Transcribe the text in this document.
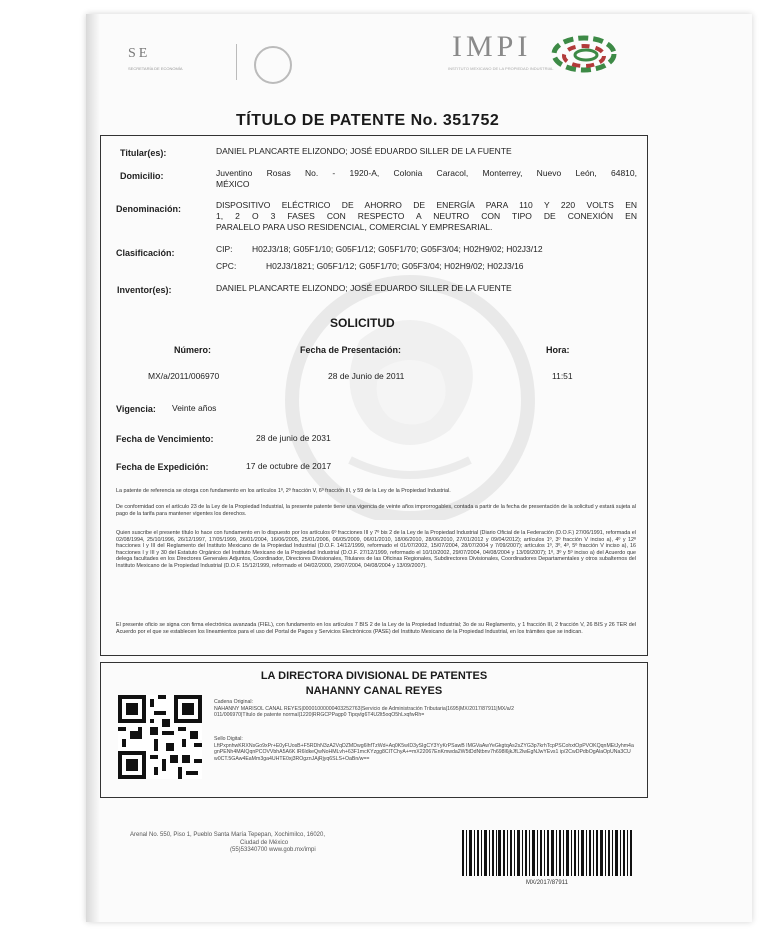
SE
SECRETARÍA DE ECONOMÍA
IMPI
INSTITUTO MEXICANO DE LA PROPIEDAD INDUSTRIAL
TÍTULO DE PATENTE No. 351752
Titular(es):	DANIEL PLANCARTE ELIZONDO; JOSÉ EDUARDO SILLER DE LA FUENTE
Domicilio:	Juventino Rosas No. - 1920-A, Colonia Caracol, Monterrey, Nuevo León, 64810,
MÉXICO
Denominación:	DISPOSITIVO ELÉCTRICO DE AHORRO DE ENERGÍA PARA 110 Y 220 VOLTS EN
1, 2 O 3 FASES CON RESPECTO A NEUTRO CON TIPO DE CONEXIÓN EN
PARALELO PARA USO RESIDENCIAL, COMERCIAL Y EMPRESARIAL.
Clasificación:	CIP: H02J3/18; G05F1/10; G05F1/12; G05F1/70; G05F3/04; H02H9/02; H02J3/12
CPC:	H02J3/1821; G05F1/12; G05F1/70; G05F3/04; H02H9/02; H02J3/16
Inventor(es):	DANIEL PLANCARTE ELIZONDO; JOSÉ EDUARDO SILLER DE LA FUENTE
SOLICITUD
Número:	Fecha de Presentación:	Hora:
MX/a/2011/006970	28 de Junio de 2011	11:51
Vigencia: Veinte años
Fecha de Vencimiento:	28 de junio de 2031
Fecha de Expedición:	17 de octubre de 2017
La patente de referencia se otorga con fundamento en los artículos 1º, 2º fracción V, 6º fracción III, y 59 de la Ley de la Propiedad Industrial.
De conformidad con el artículo 23 de la Ley de la Propiedad Industrial, la presente patente tiene una vigencia de veinte años improrrogables, contada a partir de la fecha de presentación de la solicitud y estará sujeta al pago de la tarifa para mantener vigentes los derechos.
Quien suscribe el presente título lo hace con fundamento en lo dispuesto por los artículos 6º fracciones III y 7º bis 2 de la Ley de la Propiedad Industrial (Diario Oficial de la Federación (D.O.F.) 27/06/1991, reformada el 02/08/1994, 25/10/1996, 26/12/1997, 17/05/1999, 26/01/2004, 16/06/2005, 25/01/2006, 06/05/2009, 06/01/2010, 18/06/2010, 28/06/2010, 27/01/2012 y 09/04/2012); artículos 1º, 3º fracción V inciso a), 4º y 12º fracciones I y III del Reglamento del Instituto Mexicano de la Propiedad Industrial (D.O.F. 14/12/1999, reformado el 01/07/2002, 15/07/2004, 28/07/2004 y 7/09/2007); artículos 1º, 3º, 4º, 5º fracción V inciso a), 16 fracciones I y III y 30 del Estatuto Orgánico del Instituto Mexicano de la Propiedad Industrial (D.O.F. 27/12/1999, reformado el 10/10/2002, 29/07/2004, 04/08/2004 y 13/09/2007); 1º, 3º y 5º inciso a) del Acuerdo que delega facultades en los Directores Generales Adjuntos, Coordinador, Directores Divisionales, Titulares de las Oficinas Regionales, Subdirectores Divisionales, Coordinadores Departamentales y otros subalternos del Instituto Mexicano de la Propiedad Industrial (D.O.F. 15/12/1999, reformado el 04/02/2000, 29/07/2004, 04/08/2004 y 13/09/2007).
El presente oficio se signa con firma electrónica avanzada (FIEL), con fundamento en los artículos 7 BIS 2 de la Ley de la Propiedad Industrial; 3o de su Reglamento, y 1 fracción III, 2 fracción V, 26 BIS y 26 TER del Acuerdo por el que se establecen los lineamientos para el uso del Portal de Pagos y Servicios Electrónicos (PASE) del Instituto Mexicano de la Propiedad Industrial, en los trámites que se indican.
LA DIRECTORA DIVISIONAL DE PATENTES
NAHANNY CANAL REYES
Cadena Original:
NAHANNY MARISOL CANAL REYES|00001000000403252763|Servicio de Administración Tributaria|1695|MX/2017/87911|MX/a/2011/006970|Título de patente normal|1220|RRGCPPagp0 Tipqvlg6T4U2lt5oqO5hLxqfwRh=
Sello Digital:
LftPxpnhwKRXNsGo9xPr+E0yFUosB+F5RDhN3zA2VqDZMDwg6lhfTzWd+Aq0K5wID3ySIgCY3YyKrPSawB IMGVaAwYeGkgtqAs2sZYG3p7krhTcpPSCohxtOpPVOKQqnMEtJyhm4agnPENh4MAIQqnPCOVVbhA5A6K lR6ldkeQwNoHMLvh+63F1mcKYzgg8CITChyA+=mX22067EnKmwda2W5tDdNtbnv7h698l6jkJfL2lwEgNJwYEvs1 ip/2CwDPdbOgAlaOpUNa3CUw0CT.5GAw4EaMm3ga4UHTE0xj3ROgznJAjRjyq6SLS+OaBn/w==
Arenal No. 550, Piso 1, Pueblo Santa María Tepepan, Xochimilco, 16020,
Ciudad de México
(55)53340700 www.gob.mx/impi
MX/2017/87911
